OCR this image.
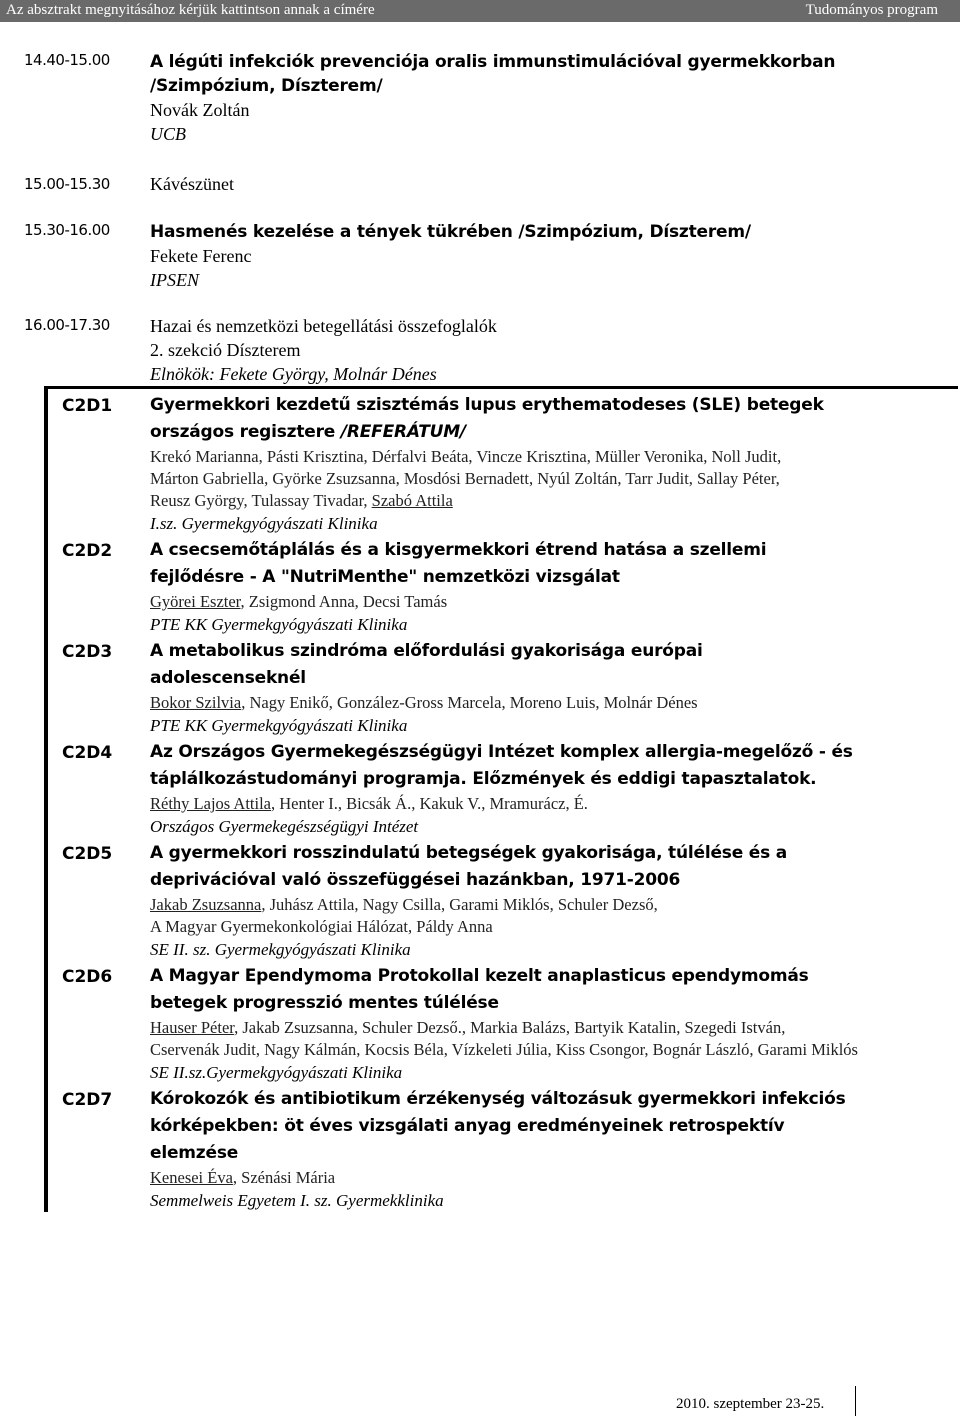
Az absztrakt megnyitásához kérjük kattintson annak a címére	Tudományos program
14.40-15.00 A légúti infekciók prevenciója oralis immunstimulációval gyermekkorban
/Szimpózium, Díszterem/
Novák Zoltán
UCB
15.00-15.30 Kávészünet
15.30-16.00 Hasmenés kezelése a tények tükrében /Szimpózium, Díszterem/
Fekete Ferenc
IPSEN
16.00-17.30 Hazai és nemzetközi betegellátási összefoglalók
2. szekció Díszterem
Elnökök: Fekete György, Molnár Dénes
C2D1 Gyermekkori kezdetű szisztémás lupus erythematodeses (SLE) betegek
országos regisztere /REFERÁTUM/
Krekó Marianna, Pásti Krisztina, Dérfalvi Beáta, Vincze Krisztina, Müller Veronika, Noll Judit,
Márton Gabriella, Györke Zsuzsanna, Mosdósi Bernadett, Nyúl Zoltán, Tarr Judit, Sallay Péter,
Reusz György, Tulassay Tivadar, Szabó Attila
I.sz. Gyermekgyógyászati Klinika
C2D2 A csecsemőtáplálás és a kisgyermekkori étrend hatása a szellemi
fejlődésre - A "NutriMenthe" nemzetközi vizsgálat
Györei Eszter, Zsigmond Anna, Decsi Tamás
PTE KK Gyermekgyógyászati Klinika
C2D3 A metabolikus szindróma előfordulási gyakorisága európai
adolescenseknél
Bokor Szilvia, Nagy Enikő, González-Gross Marcela, Moreno Luis, Molnár Dénes
PTE KK Gyermekgyógyászati Klinika
C2D4 Az Országos Gyermekegészségügyi Intézet komplex allergia-megelőző - és
táplálkozástudományi programja. Előzmények és eddigi tapasztalatok.
Réthy Lajos Attila, Henter I., Bicsák Á., Kakuk V., Mramurácz, É.
Országos Gyermekegészségügyi Intézet
C2D5 A gyermekkori rosszindulatú betegségek gyakorisága, túlélése és a
deprivációval való összefüggései hazánkban, 1971-2006
Jakab Zsuzsanna, Juhász Attila, Nagy Csilla, Garami Miklós, Schuler Dezső,
A Magyar Gyermekonkológiai Hálózat, Páldy Anna
SE II. sz. Gyermekgyógyászati Klinika
C2D6 A Magyar Ependymoma Protokollal kezelt anaplasticus ependymomás
betegek progresszió mentes túlélése
Hauser Péter, Jakab Zsuzsanna, Schuler Dezső., Markia Balázs, Bartyik Katalin, Szegedi István,
Cservenák Judit, Nagy Kálmán, Kocsis Béla, Vízkeleti Júlia, Kiss Csongor, Bognár László, Garami Miklós
SE II.sz.Gyermekgyógyászati Klinika
C2D7 Kórokozók és antibiotikum érzékenység változásuk gyermekkori infekciós
kórképekben: öt éves vizsgálati anyag eredményeinek retrospektív
elemzése
Kenesei Éva, Szénási Mária
Semmelweis Egyetem I. sz. Gyermekklinika
2010. szeptember 23-25.
